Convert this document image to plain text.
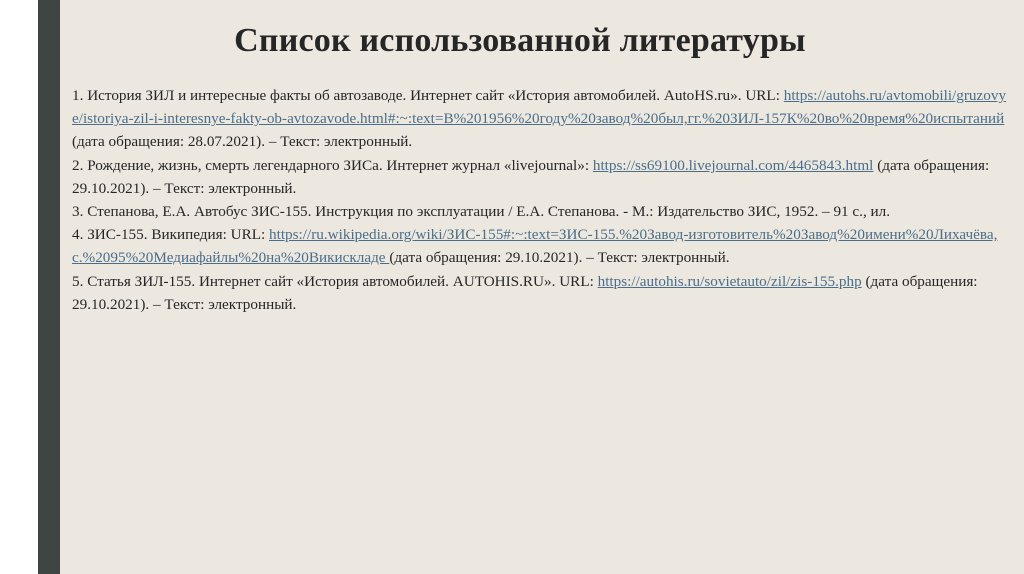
Список использованной литературы

1. История ЗИЛ и интересные факты об автозаводе. Интернет сайт «История автомобилей. AutoHS.ru». URL: https://autohs.ru/avtomobili/gruzovye/istoriya-zil-i-interesnye-fakty-ob-avtozavode.html#:~:text=В%201956%20году%20завод%20был,гг.%20ЗИЛ-157К%20во%20время%20испытаний (дата обращения: 28.07.2021). – Текст: электронный.

2. Рождение, жизнь, смерть легендарного ЗИСа. Интернет журнал «livejournal»: https://ss69100.livejournal.com/4465843.html (дата обращения: 29.10.2021). – Текст: электронный.

3. Степанова, Е.А. Автобус ЗИС-155. Инструкция по эксплуатации / Е.А. Степанова. - М.: Издательство ЗИС, 1952. – 91 с., ил.

4. ЗИС-155. Википедия: URL: https://ru.wikipedia.org/wiki/ЗИС-155#:~:text=ЗИС-155.%20Завод-изготовитель%20Завод%20имени%20Лихачёва,с.%2095%20Медиафайлы%20на%20Викискладе (дата обращения: 29.10.2021). – Текст: электронный.

5. Статья ЗИЛ-155. Интернет сайт «История автомобилей. AUTOHIS.RU». URL: https://autohis.ru/sovietauto/zil/zis-155.php (дата обращения: 29.10.2021). – Текст: электронный.
